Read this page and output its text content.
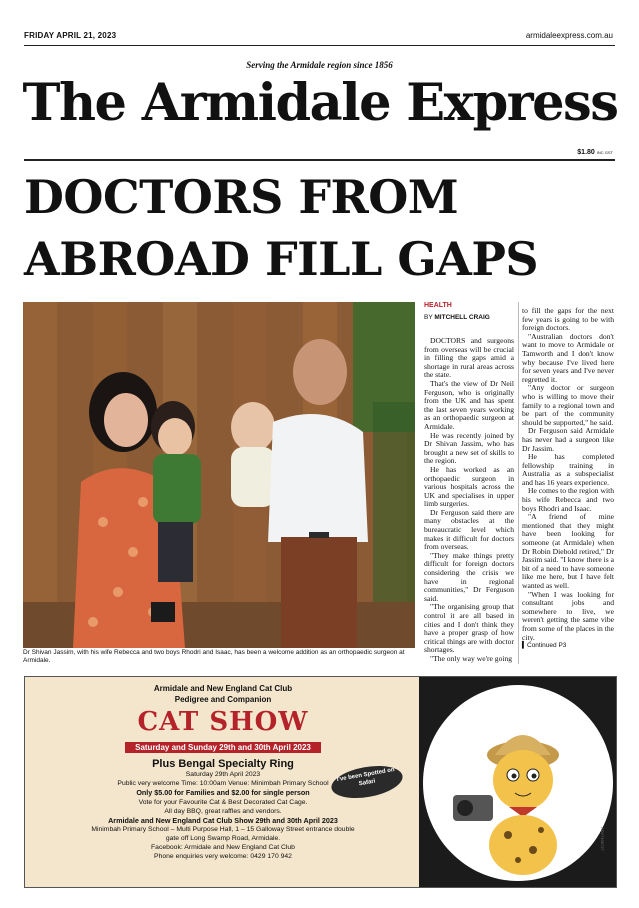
FRIDAY APRIL 21, 2023	armidaleexpress.com.au
Serving the Armidale region since 1856
The Armidale Express
$1.80 INC GST
DOCTORS FROM
ABROAD FILL GAPS
Dr Shivan Jassim, with his wife Rebecca and two boys Rhodri and Isaac, has been a welcome addition as an orthopaedic surgeon at Armidale.
HEALTH
BY MITCHELL CRAIG

DOCTORS and surgeons from overseas will be crucial in filling the gaps amid a shortage in rural areas across the state.

That's the view of Dr Neil Ferguson, who is originally from the UK and has spent the last seven years working as an orthopaedic surgeon at Armidale.

He was recently joined by Dr Shivan Jassim, who has brought a new set of skills to the region.

He has worked as an orthopaedic surgeon in various hospitals across the UK and specialises in upper limb surgeries.

Dr Ferguson said there are many obstacles at the bureaucratic level which makes it difficult for doctors from overseas.

"They make things pretty difficult for foreign doctors considering the crisis we have in regional communities," Dr Ferguson said.

"The organising group that control it are all based in cities and I don't think they have a proper grasp of how critical things are with doctor shortages.

"The only way we're going

to fill the gaps for the next few years is going to be with foreign doctors.

"Australian doctors don't want to move to Armidale or Tamworth and I don't know why because I've lived here for seven years and I've never regretted it.

"Any doctor or surgeon who is willing to move their family to a regional town and be part of the community should be supported," he said.

Dr Ferguson said Armidale has never had a surgeon like Dr Jassim.

He has completed fellowship training in Australia as a subspecialist and has 16 years experience.

He comes to the region with his wife Rebecca and two boys Rhodri and Isaac.

"A friend of mine mentioned that they might have been looking for someone (at Armidale) when Dr Robin Diebold retired," Dr Jassim said. "I know there is a bit of a need to have someone like me here, but I have felt wanted as well.

"When I was looking for consultant jobs and somewhere to live, we weren't getting the same vibe from some of the places in the city.

▍Continued P3

ADV7100727
Armidale and New England Cat Club
Pedigree and Companion
CAT SHOW
Saturday and Sunday 29th and 30th April 2023
Plus Bengal Specialty Ring
Saturday 29th April 2023
Public very welcome Time: 10:00am Venue: Minimbah Primary School
Only $5.00 for Families and $2.00 for single person
Vote for your Favourite Cat & Best Decorated Cat Cage.
All day BBQ, great raffles and vendors.
Armidale and New England Cat Club Show 29th and 30th April 2023
Minimbah Primary School – Multi Purpose Hall, 1 – 15 Galloway Street entrance double
gate off Long Swamp Road, Armidale.
Facebook: Armidale and New England Cat Club
Phone enquiries very welcome: 0429 170 942
I've been Spotted on Safari
